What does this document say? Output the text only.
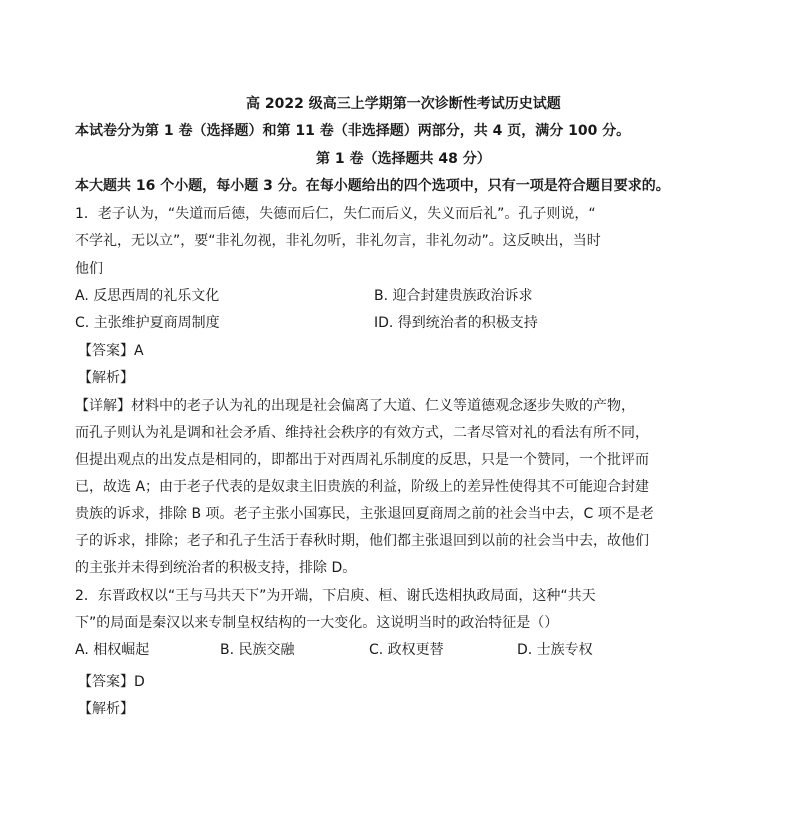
高 2022 级高三上学期第一次诊断性考试历史试题
本试卷分为第 1 卷（选择题）和第 11 卷（非选择题）两部分，共 4 页，满分 100 分。
第 1 卷（选择题共 48 分）
本大题共 16 个小题，每小题 3 分。在每小题给出的四个选项中，只有一项是符合题目要求的。
1．老子认为，“失道而后德，失德而后仁，失仁而后义，失义而后礼”。孔子则说，“
不学礼，无以立”，要“非礼勿视，非礼勿听，非礼勿言，非礼勿动”。这反映出，当时
他们
A. 反思西周的礼乐文化	B. 迎合封建贵族政治诉求
C. 主张维护夏商周制度	ID. 得到统治者的积极支持
【答案】A
【解析】
【详解】材料中的老子认为礼的出现是社会偏离了大道、仁义等道德观念逐步失败的产物，
而孔子则认为礼是调和社会矛盾、维持社会秩序的有效方式，二者尽管对礼的看法有所不同，
但提出观点的出发点是相同的，即都出于对西周礼乐制度的反思，只是一个赞同，一个批评而
已，故选 A；由于老子代表的是奴隶主旧贵族的利益，阶级上的差异性使得其不可能迎合封建
贵族的诉求，排除 B 项。老子主张小国寡民，主张退回夏商周之前的社会当中去，C 项不是老
子的诉求，排除；老子和孔子生活于春秋时期，他们都主张退回到以前的社会当中去，故他们
的主张并未得到统治者的积极支持，排除 D。
2．东晋政权以“王与马共天下”为开端，下启庾、桓、谢氏迭相执政局面，这种“共天
下”的局面是秦汉以来专制皇权结构的一大变化。这说明当时的政治特征是（）
A. 相权崛起	B. 民族交融	C. 政权更替	D. 士族专权
【答案】D
【解析】
